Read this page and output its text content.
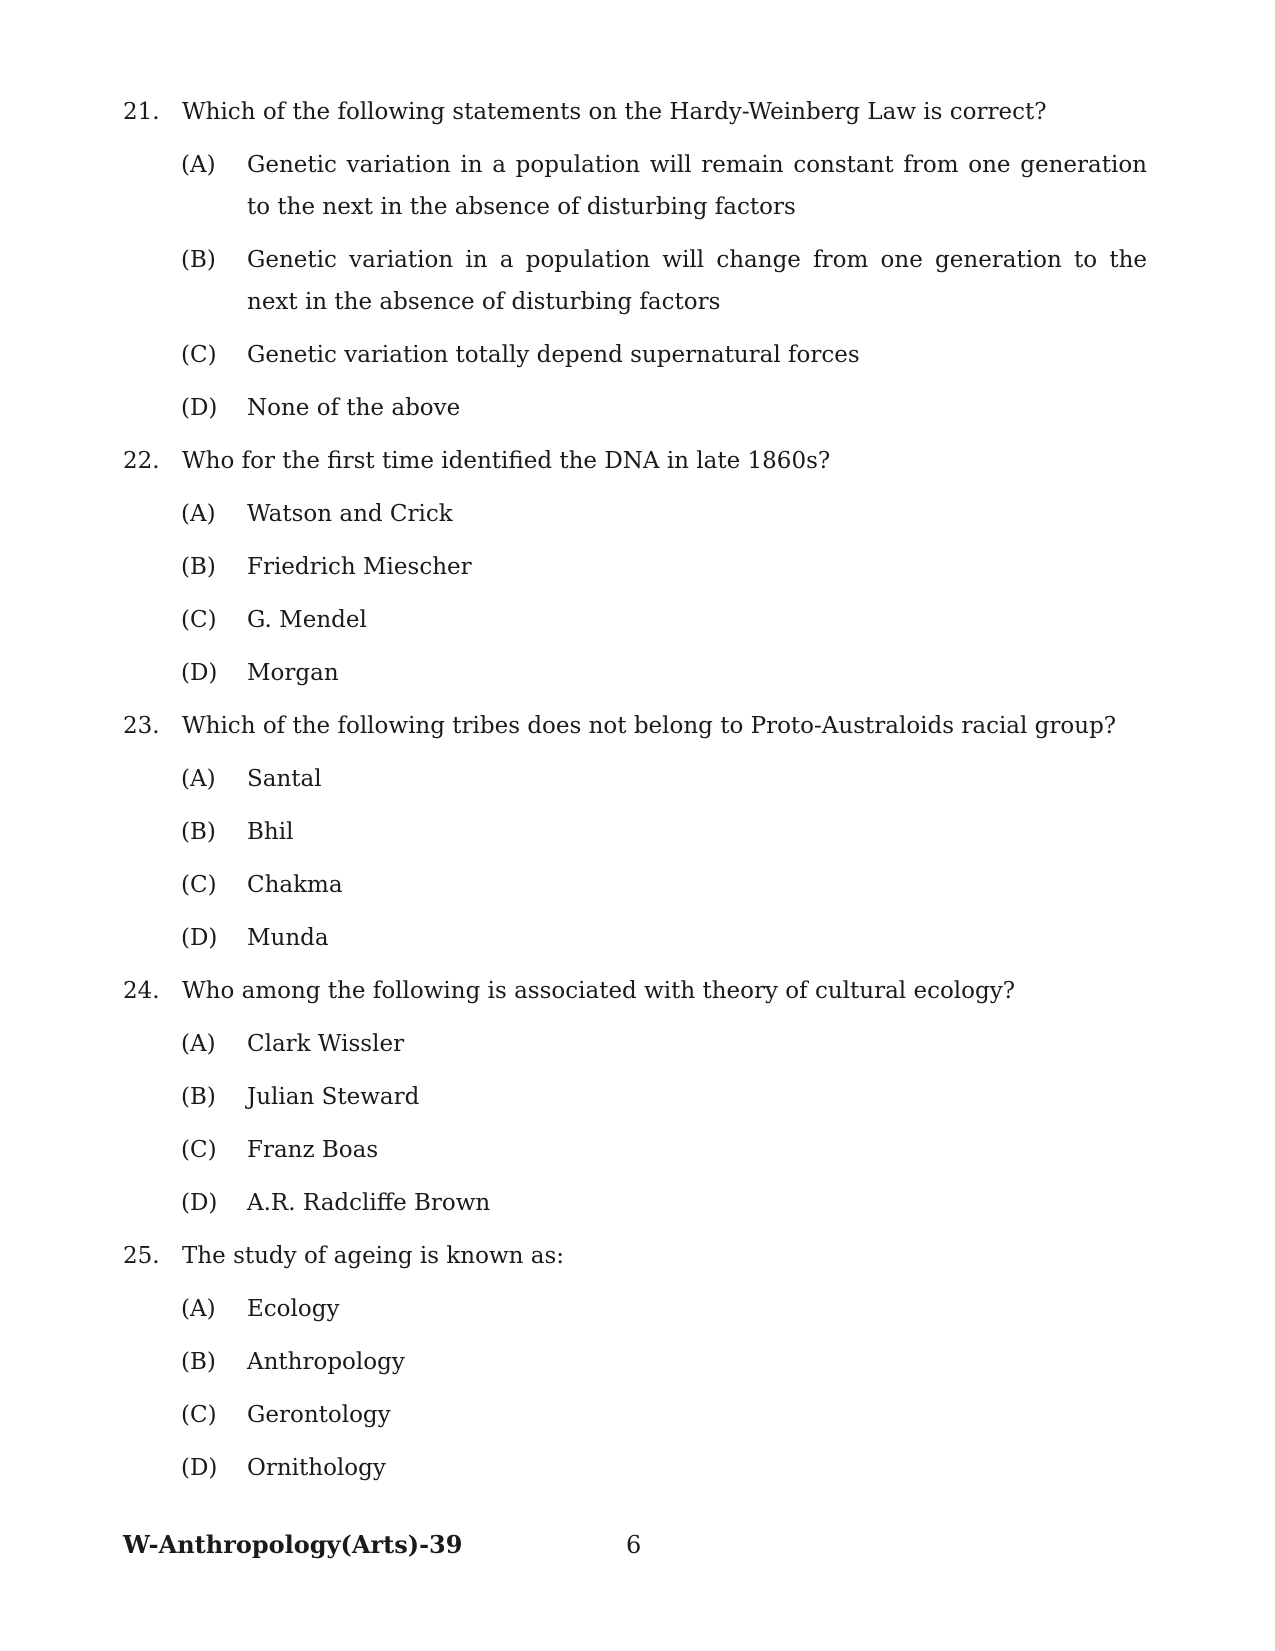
21. Which of the following statements on the Hardy-Weinberg Law is correct?
(A) Genetic variation in a population will remain constant from one generation to the next in the absence of disturbing factors
(B) Genetic variation in a population will change from one generation to the next in the absence of disturbing factors
(C) Genetic variation totally depend supernatural forces
(D) None of the above
22. Who for the first time identified the DNA in late 1860s?
(A) Watson and Crick
(B) Friedrich Miescher
(C) G. Mendel
(D) Morgan
23. Which of the following tribes does not belong to Proto-Australoids racial group?
(A) Santal
(B) Bhil
(C) Chakma
(D) Munda
24. Who among the following is associated with theory of cultural ecology?
(A) Clark Wissler
(B) Julian Steward
(C) Franz Boas
(D) A.R. Radcliffe Brown
25. The study of ageing is known as:
(A) Ecology
(B) Anthropology
(C) Gerontology
(D) Ornithology
W-Anthropology(Arts)-39	6
